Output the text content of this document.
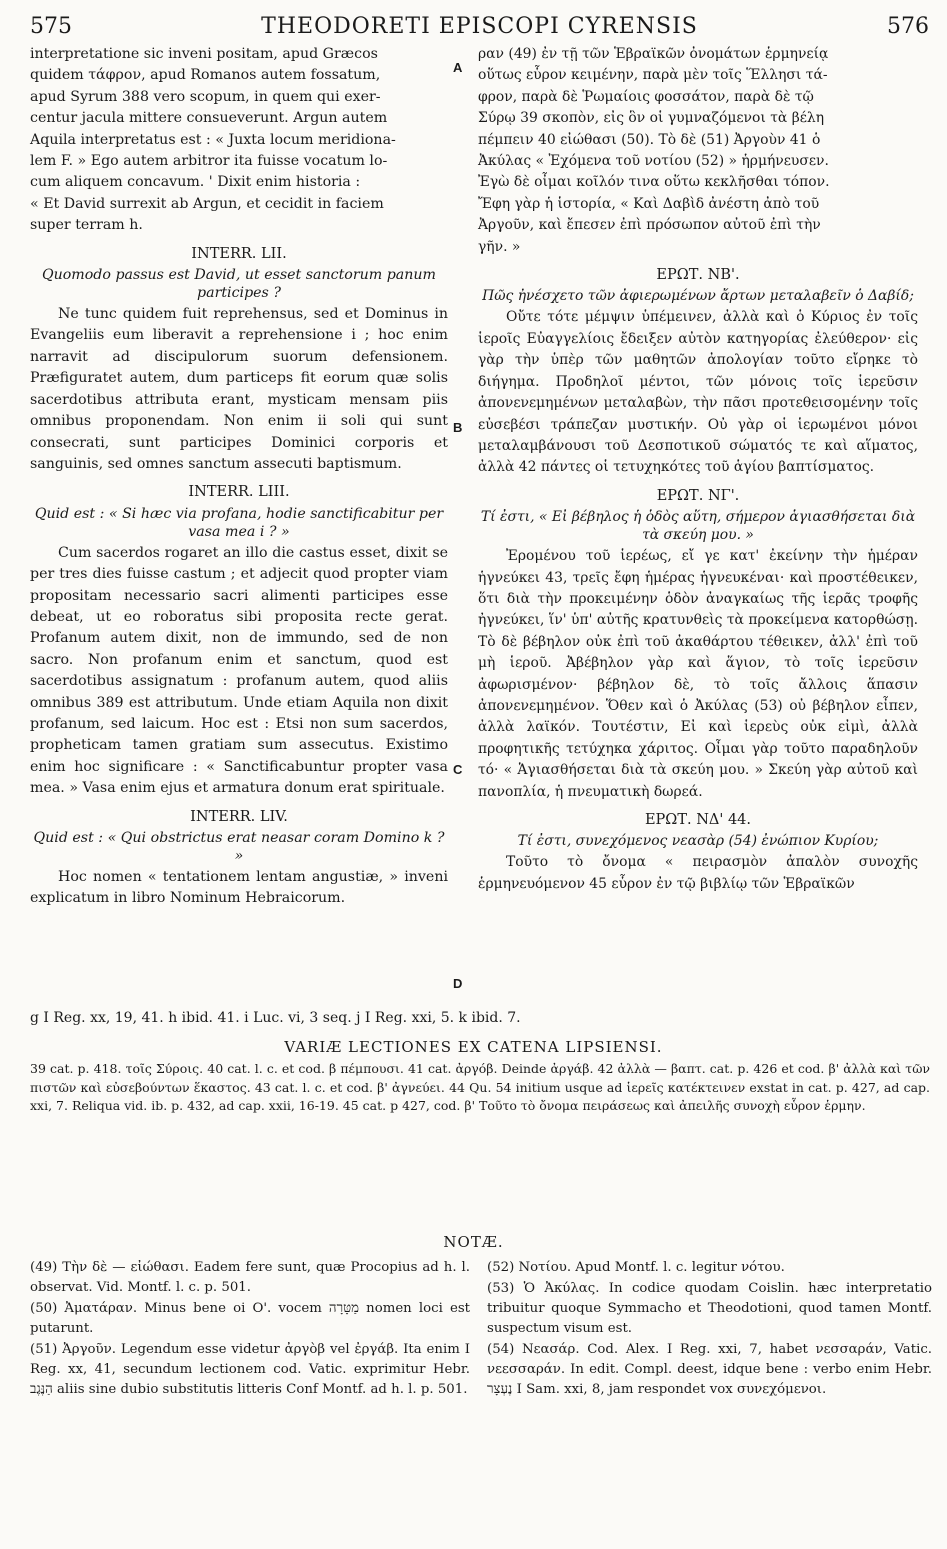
575	THEODORETI EPISCOPI CYRENSIS	576
interpretatione sic inveni positam, apud Græcos
quidem τάφρον, apud Romanos autem fossatum,
apud Syrum 388 vero scopum, in quem qui exer-
centur jacula mittere consueverunt. Argun autem
Aquila interpretatus est : « Juxta locum meridiona-
lem F. » Ego autem arbitror ita fuisse vocatum lo-
cum aliquem concavum. ' Dixit enim historia :
« Et David surrexit ab Argun, et cecidit in faciem
super terram h.
INTERR. LII.
Quomodo passus est David, ut esset sanctorum panum participes ?

Ne tunc quidem fuit reprehensus, sed et Dominus in Evangeliis eum liberavit a reprehensione i ; hoc enim narravit ad discipulorum suorum defensionem. Præfiguratet autem, dum particeps fit eorum quæ solis sacerdotibus attributa erant, mysticam mensam piis omnibus proponendam. Non enim ii soli qui sunt consecrati, sunt participes Dominici corporis et sanguinis, sed omnes sanctum assecuti baptismum.

INTERR. LIII.
Quid est : « Si hæc via profana, hodie sanctificabitur per vasa mea i ? »

Cum sacerdos rogaret an illo die castus esset, dixit se per tres dies fuisse castum ; et adjecit quod propter viam propositam necessario sacri alimenti participes esse debeat, ut eo roboratus sibi proposita recte gerat. Profanum autem dixit, non de immundo, sed de non sacro. Non profanum enim et sanctum, quod est sacerdotibus assignatum : profanum autem, quod aliis omnibus 389 est attributum. Unde etiam Aquila non dixit profanum, sed laicum. Hoc est : Etsi non sum sacerdos, propheticam tamen gratiam sum assecutus. Existimo enim hoc significare : « Sanctificabuntur propter vasa mea. » Vasa enim ejus et armatura donum erat spirituale.

INTERR. LIV.
Quid est : « Qui obstrictus erat neasar coram Domino k ? »

Hoc nomen « tentationem lentam angustiæ, » inveni explicatum in libro Nominum Hebraicorum.

A
B
C
D
ραν (49) ἐν τῇ τῶν Ἑβραϊκῶν ὀνομάτων ἑρμηνείᾳ
οὕτως εὗρον κειμένην, παρὰ μὲν τοῖς Ἕλλησι τά-
φρον, παρὰ δὲ Ῥωμαίοις φοσσάτον, παρὰ δὲ τῷ
Σύρῳ 39 σκοπὸν, εἰς ὃν οἱ γυμναζόμενοι τὰ βέλη
πέμπειν 40 εἰώθασι (50). Τὸ δὲ (51) Ἀργοὺν 41 ὁ
Ἀκύλας « Ἐχόμενα τοῦ νοτίου (52) » ἡρμήνευσεν.
Ἐγὼ δὲ οἶμαι κοῖλόν τινα οὕτω κεκλῆσθαι τόπον.
Ἔφη γὰρ ἡ ἱστορία, « Καὶ Δαβὶδ ἀνέστη ἀπὸ τοῦ
Ἀργοῦν, καὶ ἔπεσεν ἐπὶ πρόσωπον αὐτοῦ ἐπὶ τὴν
γῆν. »
ΕΡΩΤ. ΝΒ'.
Πῶς ἠνέσχετο τῶν ἀφιερωμένων ἄρτων μεταλαβεῖν ὁ Δαβίδ;

Οὔτε τότε μέμψιν ὑπέμεινεν, ἀλλὰ καὶ ὁ Κύριος ἐν τοῖς ἱεροῖς Εὐαγγελίοις ἔδειξεν αὐτὸν κατηγορίας ἐλεύθερον· εἰς γὰρ τὴν ὑπὲρ τῶν μαθητῶν ἀπολογίαν τοῦτο εἴρηκε τὸ διήγημα. Προδηλοῖ μέντοι, τῶν μόνοις τοῖς ἱερεῦσιν ἀπονενεμημένων μεταλαβὼν, τὴν πᾶσι προτεθεισομένην τοῖς εὐσεβέσι τράπεζαν μυστικήν. Οὐ γὰρ οἱ ἱερωμένοι μόνοι μεταλαμβάνουσι τοῦ Δεσποτικοῦ σώματός τε καὶ αἵματος, ἀλλὰ 42 πάντες οἱ τετυχηκότες τοῦ ἁγίου βαπτίσματος.

ΕΡΩΤ. ΝΓ'.
Τί ἐστι, « Εἰ βέβηλος ἡ ὁδὸς αὕτη, σήμερον ἁγιασθήσεται διὰ τὰ σκεύη μου. »

Ἐρομένου τοῦ ἱερέως, εἴ γε κατ' ἐκείνην τὴν ἡμέραν ἡγνεύκει 43, τρεῖς ἔφη ἡμέρας ἡγνευκέναι· καὶ προστέθεικεν, ὅτι διὰ τὴν προκειμένην ὁδὸν ἀναγκαίως τῆς ἱερᾶς τροφῆς ἠγνεύκει, ἵν' ὑπ' αὐτῆς κρατυνθεὶς τὰ προκείμενα κατορθώσῃ. Τὸ δὲ βέβηλον οὐκ ἐπὶ τοῦ ἀκαθάρτου τέθεικεν, ἀλλ' ἐπὶ τοῦ μὴ ἱεροῦ. Ἀβέβηλον γὰρ καὶ ἅγιον, τὸ τοῖς ἱερεῦσιν ἀφωρισμένον· βέβηλον δὲ, τὸ τοῖς ἄλλοις ἅπασιν ἀπονενεμημένον. Ὅθεν καὶ ὁ Ἀκύλας (53) οὐ βέβηλον εἶπεν, ἀλλὰ λαϊκόν. Τουτέστιν, Εἰ καὶ ἱερεὺς οὐκ εἰμὶ, ἀλλὰ προφητικῆς τετύχηκα χάριτος. Οἶμαι γὰρ τοῦτο παραδηλοῦν τό· « Ἁγιασθήσεται διὰ τὰ σκεύη μου. » Σκεύη γὰρ αὐτοῦ καὶ πανοπλία, ἡ πνευματικὴ δωρεά.

ΕΡΩΤ. ΝΔ' 44.
Τί ἐστι, συνεχόμενος νεασὰρ (54) ἐνώπιον Κυρίου;

Τοῦτο τὸ ὄνομα « πειρασμὸν ἁπαλὸν συνοχῆς ἑρμηνευόμενον 45 εὗρον ἐν τῷ βιβλίῳ τῶν Ἑβραϊκῶν

g I Reg. xx, 19, 41. h ibid. 41. i Luc. vi, 3 seq. j I Reg. xxi, 5. k ibid. 7.
VARIÆ LECTIONES EX CATENA LIPSIENSI.
39 cat. p. 418. τοῖς Σύροις. 40 cat. l. c. et cod. β πέμπουσι. 41 cat. ἀργόβ. Deinde ἀργάβ. 42 ἀλλὰ — βαπτ. cat. p. 426 et cod. β' ἀλλὰ καὶ τῶν πιστῶν καὶ εὐσεβούντων ἕκαστος. 43 cat. l. c. et cod. β' ἀγνεύει. 44 Qu. 54 initium usque ad ἱερεῖς κατέκτεινεν exstat in cat. p. 427, ad cap. xxi, 7. Reliqua vid. ib. p. 432, ad cap. xxii, 16-19. 45 cat. p 427, cod. β' Τοῦτο τὸ ὄνομα πειράσεως καὶ ἀπειλῆς συνοχὴ εὗρον ἑρμην.
NOTÆ.

(49) Τὴν δὲ — εἰώθασι. Eadem fere sunt, quæ Procopius ad h. l. observat. Vid. Montf. l. c. p. 501.

(50) Ἀματάραν. Minus bene oi O'. vocem מַטָּרָה nomen loci est putarunt.

(51) Ἀργοῦν. Legendum esse videtur ἀργὸβ vel ἐργάβ. Ita enim I Reg. xx, 41, secundum lectionem cod. Vatic. exprimitur Hebr. הַנֶּגֶב aliis sine dubio substitutis litteris Conf Montf. ad h. l. p. 501.

(52) Νοτίου. Apud Montf. l. c. legitur νότου.

(53) Ὁ Ἀκύλας. In codice quodam Coislin. hæc interpretatio tribuitur quoque Symmacho et Theodotioni, quod tamen Montf. suspectum visum est.

(54) Νεασάρ. Cod. Alex. I Reg. xxi, 7, habet νεσσαράν, Vatic. νεεσσαράν. In edit. Compl. deest, idque bene : verbo enim Hebr. נֶעְצָר I Sam. xxi, 8, jam respondet vox συνεχόμενοι.
